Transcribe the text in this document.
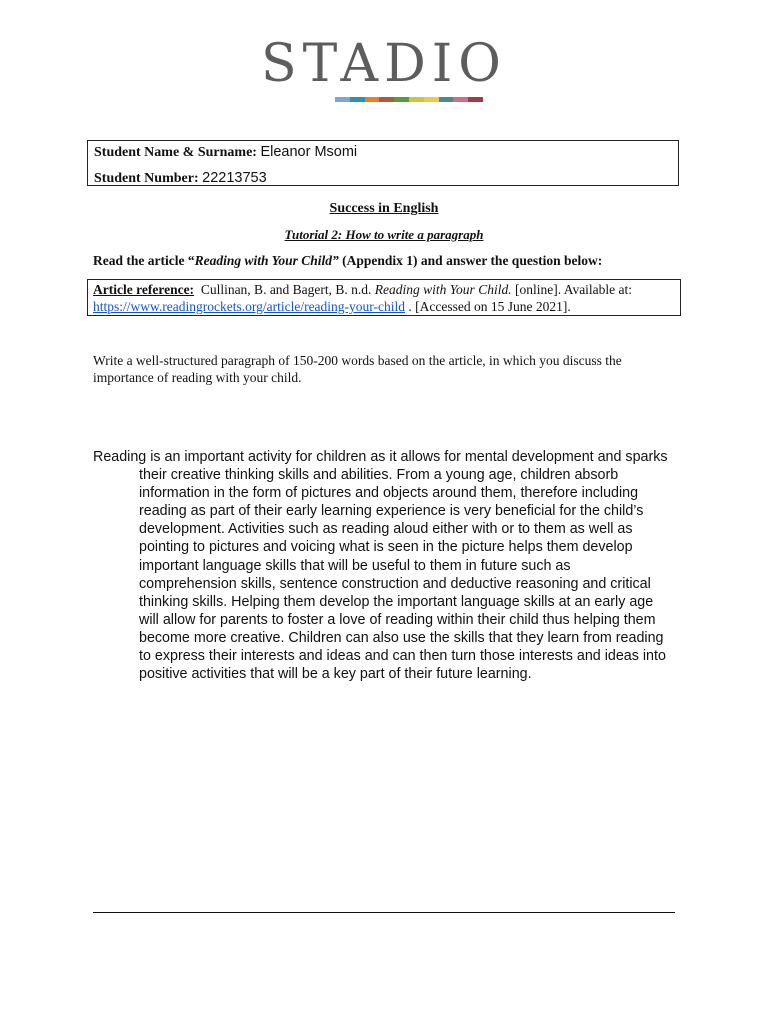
STADIO
Student Name & Surname: Eleanor Msomi
Student Number: 22213753
Success in English
Tutorial 2: How to write a paragraph
Read the article “Reading with Your Child” (Appendix 1) and answer the question below:
Article reference:  Cullinan, B. and Bagert, B. n.d. Reading with Your Child. [online]. Available at:
https://www.readingrockets.org/article/reading-your-child . [Accessed on 15 June 2021].
Write a well-structured paragraph of 150-200 words based on the article, in which you discuss the importance of reading with your child.
Reading is an important activity for children as it allows for mental development and sparks their creative thinking skills and abilities. From a young age, children absorb information in the form of pictures and objects around them, therefore including reading as part of their early learning experience is very beneficial for the child’s development. Activities such as reading aloud either with or to them as well as pointing to pictures and voicing what is seen in the picture helps them develop important language skills that will be useful to them in future such as comprehension skills, sentence construction and deductive reasoning and critical thinking skills. Helping them develop the important language skills at an early age will allow for parents to foster a love of reading within their child thus helping them become more creative. Children can also use the skills that they learn from reading to express their interests and ideas and can then turn those interests and ideas into positive activities that will be a key part of their future learning.
